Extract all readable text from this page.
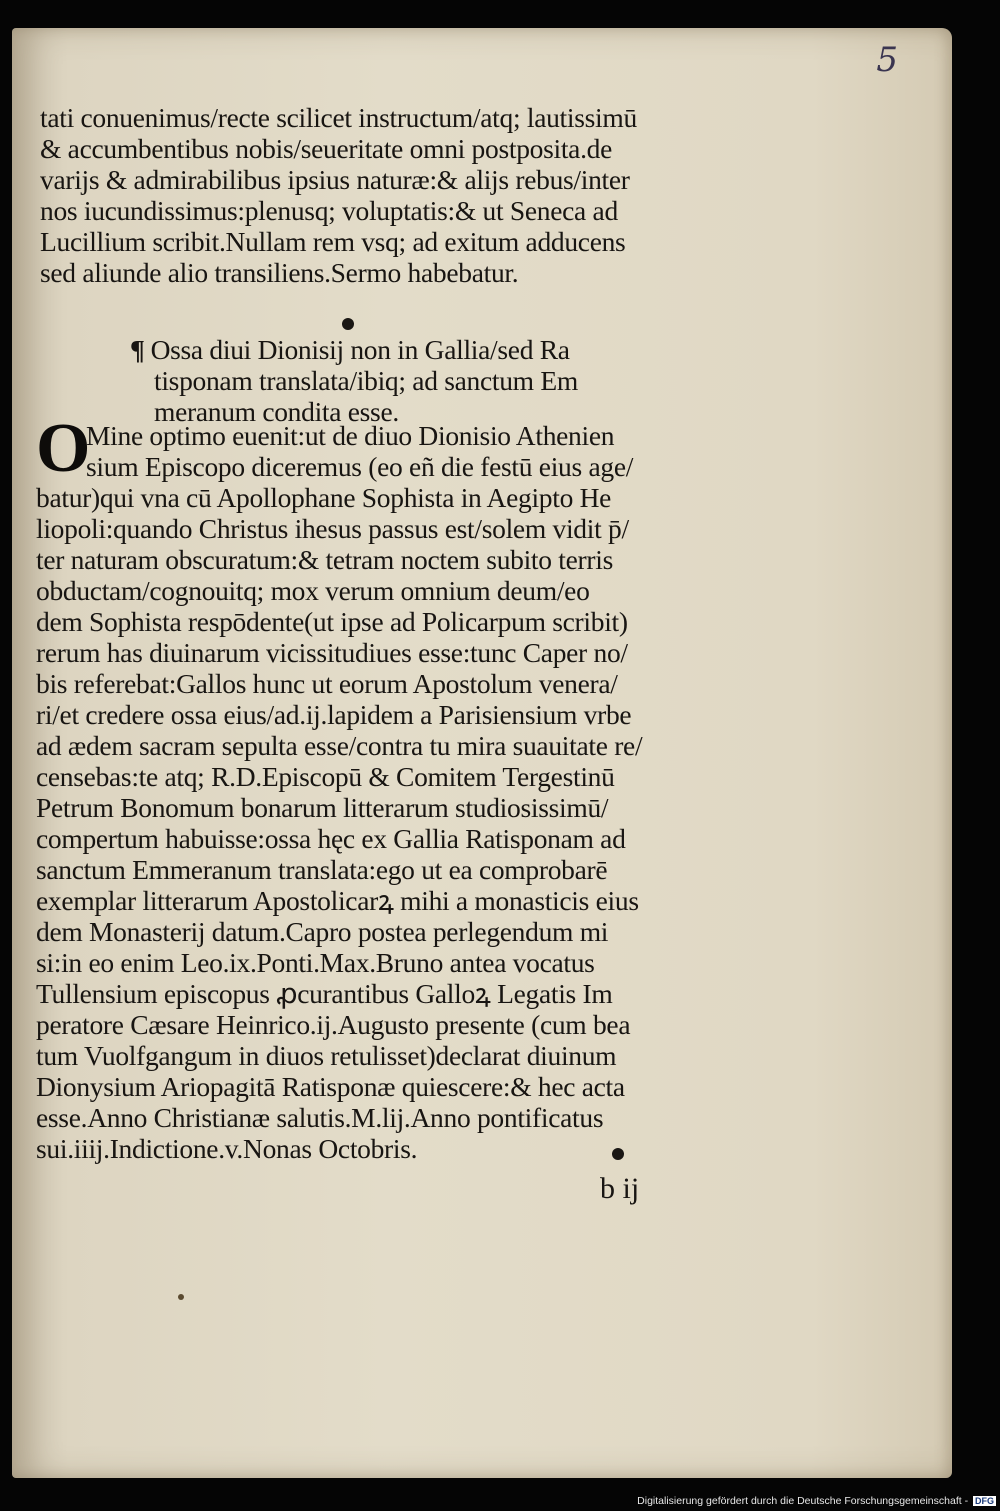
5
tati conuenimus/recte scilicet instructum/atq; lautissimū
& accumbentibus nobis/seueritate omni postposita.de
varijs & admirabilibus ipsius naturæ:& alijs rebus/inter
nos iucundissimus:plenusq; voluptatis:& ut Seneca ad
Lucillium scribit.Nullam rem vsq; ad exitum adducens
sed aliunde alio transiliens.Sermo habebatur.
¶ Ossa diui Dionisij non in Gallia/sed Ra
tisponam translata/ibiq; ad sanctum Em
meranum condita esse.
O
Mine optimo euenit:ut de diuo Dionisio Athenien
sium Episcopo diceremus (eo eñ die festū eius age/
batur)qui vna cū Apollophane Sophista in Aegipto He
liopoli:quando Christus ihesus passus est/solem vidit p̄/
ter naturam obscuratum:& tetram noctem subito terris
obductam/cognouitq; mox verum omnium deum/eo
dem Sophista respōdente(ut ipse ad Policarpum scribit)
rerum has diuinarum vicissitudiues esse:tunc Caper no/
bis referebat:Gallos hunc ut eorum Apostolum venera/
ri/et credere ossa eius/ad.ij.lapidem a Parisiensium vrbe
ad ædem sacram sepulta esse/contra tu mira suauitate re/
censebas:te atq; R.D.Episcopū & Comitem Tergestinū
Petrum Bonomum bonarum litterarum studiosissimū/
compertum habuisse:ossa hęc ex Gallia Ratisponam ad
sanctum Emmeranum translata:ego ut ea comprobarē
exemplar litterarum Apostolicarꝝ mihi a monasticis eius
dem Monasterij datum.Capro postea perlegendum mi
si:in eo enim Leo.ix.Ponti.Max.Bruno antea vocatus
Tullensium episcopus ꝓcurantibus Galloꝝ Legatis Im
peratore Cæsare Heinrico.ij.Augusto presente (cum bea
tum Vuolfgangum in diuos retulisset)declarat diuinum
Dionysium Ariopagitā Ratisponæ quiescere:& hec acta
esse.Anno Christianæ salutis.M.lij.Anno pontificatus
sui.iiij.Indictione.v.Nonas Octobris.
b ij
Digitalisierung gefördert durch die Deutsche Forschungsgemeinschaft - DFG
